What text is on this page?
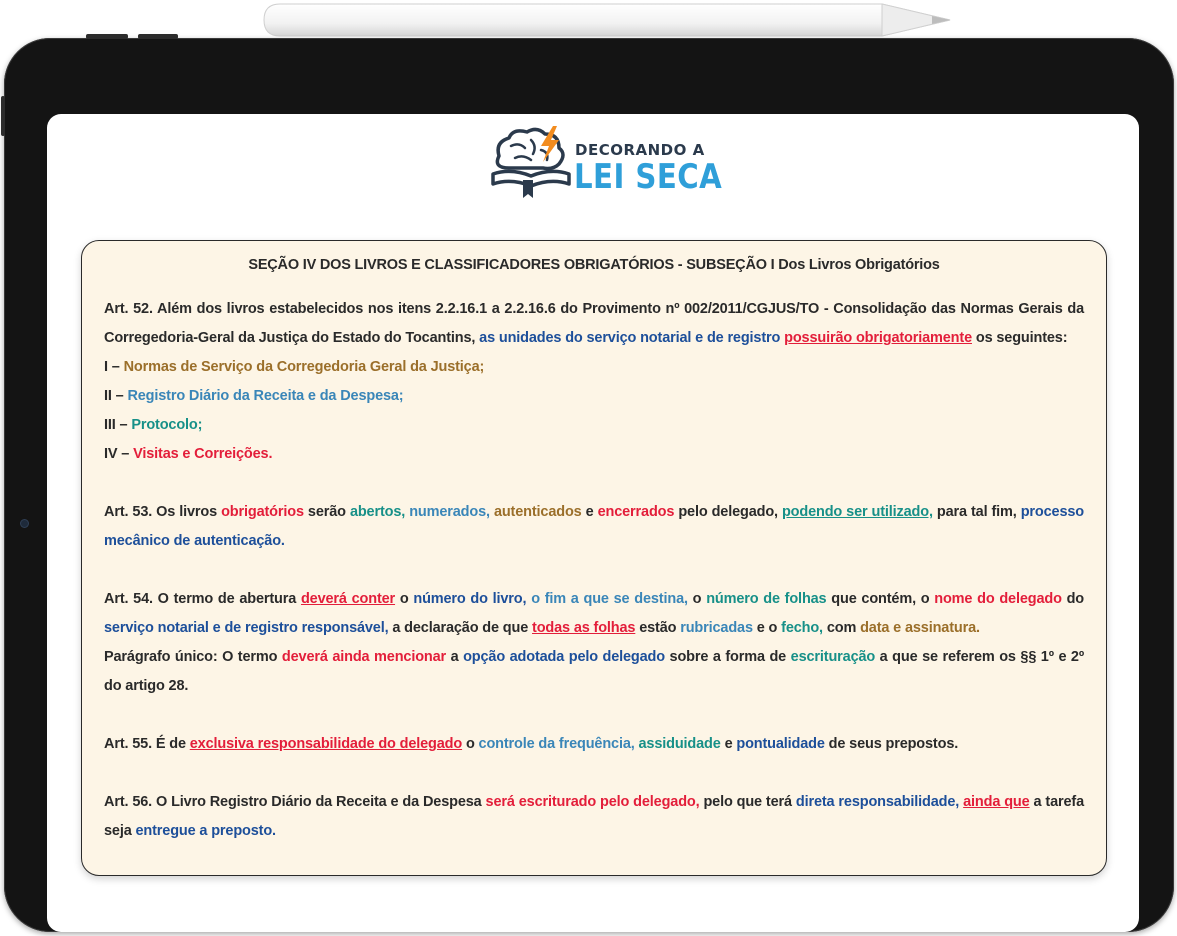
DECORANDO A
LEI SECA
SEÇÃO IV DOS LIVROS E CLASSIFICADORES OBRIGATÓRIOS - SUBSEÇÃO I Dos Livros Obrigatórios

Art. 52. Além dos livros estabelecidos nos itens 2.2.16.1 a 2.2.16.6 do Provimento nº 002/2011/CGJUS/TO - Consolidação das Normas Gerais da Corregedoria-Geral da Justiça do Estado do Tocantins, as unidades do serviço notarial e de registro possuirão obrigatoriamente os seguintes:

I – Normas de Serviço da Corregedoria Geral da Justiça;

II – Registro Diário da Receita e da Despesa;

III – Protocolo;

IV – Visitas e Correições.

Art. 53. Os livros obrigatórios serão abertos, numerados, autenticados e encerrados pelo delegado, podendo ser utilizado, para tal fim, processo mecânico de autenticação.

Art. 54. O termo de abertura deverá conter o número do livro, o fim a que se destina, o número de folhas que contém, o nome do delegado do serviço notarial e de registro responsável, a declaração de que todas as folhas estão rubricadas e o fecho, com data e assinatura.

Parágrafo único: O termo deverá ainda mencionar a opção adotada pelo delegado sobre a forma de escrituração a que se referem os §§ 1º e 2º do artigo 28.

Art. 55. É de exclusiva responsabilidade do delegado o controle da frequência, assiduidade e pontualidade de seus prepostos.

Art. 56. O Livro Registro Diário da Receita e da Despesa será escriturado pelo delegado, pelo que terá direta responsabilidade, ainda que a tarefa seja entregue a preposto.
